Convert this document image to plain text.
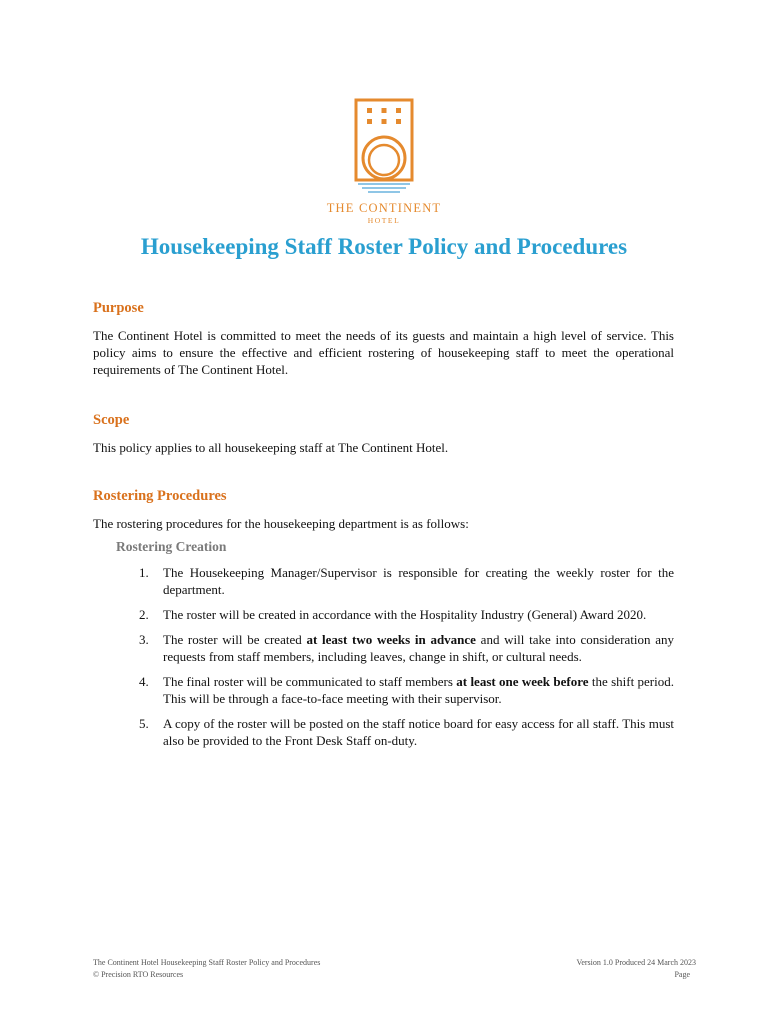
THE CONTINENT
HOTEL
Housekeeping Staff Roster Policy and Procedures
Purpose

The Continent Hotel is committed to meet the needs of its guests and maintain a high level of service. This policy aims to ensure the effective and efficient rostering of housekeeping staff to meet the operational requirements of The Continent Hotel.

Scope

This policy applies to all housekeeping staff at The Continent Hotel.

Rostering Procedures

The rostering procedures for the housekeeping department is as follows:

Rostering Creation
1. The Housekeeping Manager/Supervisor is responsible for creating the weekly roster for the department.
2. The roster will be created in accordance with the Hospitality Industry (General) Award 2020.
3. The roster will be created at least two weeks in advance and will take into consideration any requests from staff members, including leaves, change in shift, or cultural needs.
4. The final roster will be communicated to staff members at least one week before the shift period. This will be through a face-to-face meeting with their supervisor.
5. A copy of the roster will be posted on the staff notice board for easy access for all staff. This must also be provided to the Front Desk Staff on-duty.
The Continent Hotel Housekeeping Staff Roster Policy and Procedures
© Precision RTO Resources
Version 1.0 Produced 24 March 2023
Page
